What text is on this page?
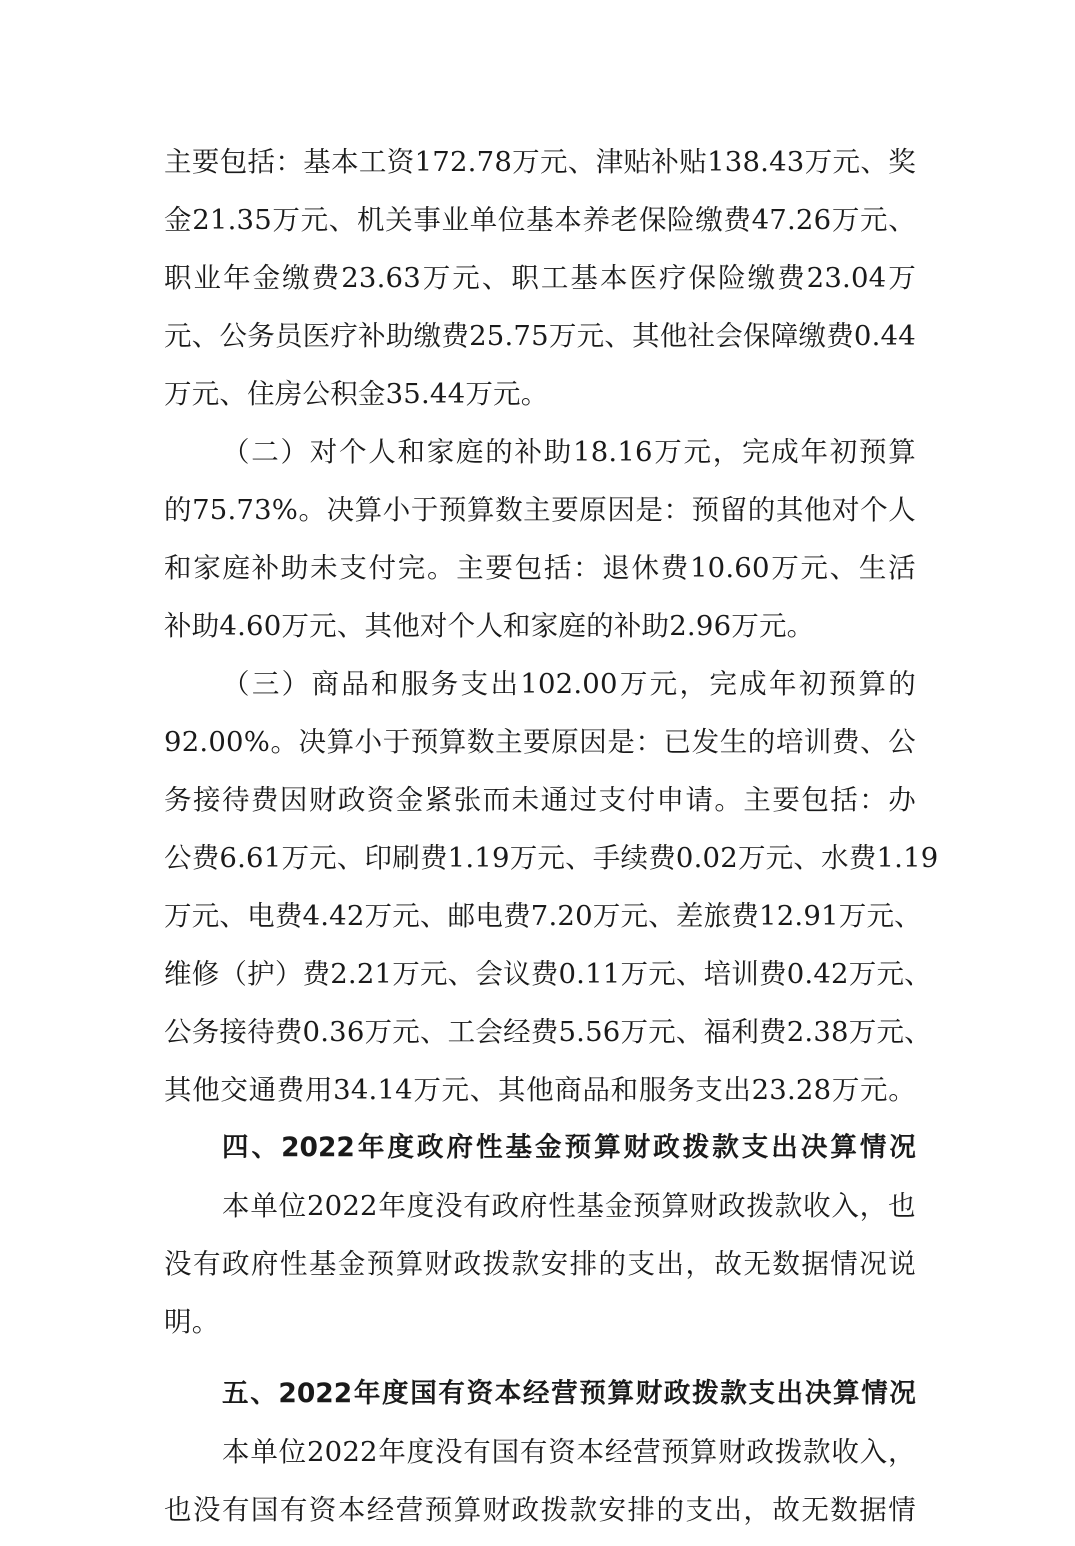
主 要 包 括 ： 基 本 工 资 172.78 万 元 、 津 贴 补 贴 138.43 万 元 、 奖
金 21.35 万 元 、 机 关 事 业 单 位 基 本 养 老 保 险 缴 费 47.26 万 元 、
职 业 年 金 缴 费 23.63 万 元 、 职 工 基 本 医 疗 保 险 缴 费 23.04 万
元 、 公 务 员 医 疗 补 助 缴 费 25.75 万 元 、 其 他 社 会 保 障 缴 费 0.44
万元、住房公积金35.44万元。
（ 二 ） 对 个 人 和 家 庭 的 补 助 18.16 万 元 ， 完 成 年 初 预 算
的 75.73% 。 决 算 小 于 预 算 数 主 要 原 因 是 ： 预 留 的 其 他 对 个 人
和 家 庭 补 助 未 支 付 完 。 主 要 包 括 ： 退 休 费 10.60 万 元 、 生 活
补助4.60万元、其他对个人和家庭的补助2.96万元。
（ 三 ） 商 品 和 服 务 支 出 102.00 万 元 ， 完 成 年 初 预 算 的
92.00% 。 决 算 小 于 预 算 数 主 要 原 因 是 ： 已 发 生 的 培 训 费 、 公
务 接 待 费 因 财 政 资 金 紧 张 而 未 通 过 支 付 申 请 。 主 要 包 括 ： 办
公 费 6.61 万 元 、 印 刷 费 1.19 万 元 、 手 续 费 0.02 万 元 、 水 费 1.19
万 元 、 电 费 4.42 万 元 、 邮 电 费 7.20 万 元 、 差 旅 费 12.91 万 元 、
维 修 （ 护 ） 费 2.21 万 元 、 会 议 费 0.11 万 元 、 培 训 费 0.42 万 元 、
公 务 接 待 费 0.36 万 元 、 工 会 经 费 5.56 万 元 、 福 利 费 2.38 万 元 、
其 他 交 通 费 用 34.14 万 元 、 其 他 商 品 和 服 务 支 出 23.28 万 元 。
四 、 2022 年 度 政 府 性 基 金 预 算 财 政 拨 款 支 出 决 算 情 况
本 单 位 2022 年 度 没 有 政 府 性 基 金 预 算 财 政 拨 款 收 入 ， 也
没 有 政 府 性 基 金 预 算 财 政 拨 款 安 排 的 支 出 ， 故 无 数 据 情 况 说
明。
五 、 2022 年 度 国 有 资 本 经 营 预 算 财 政 拨 款 支 出 决 算 情 况
本 单 位 2022 年 度 没 有 国 有 资 本 经 营 预 算 财 政 拨 款 收 入 ，
也 没 有 国 有 资 本 经 营 预 算 财 政 拨 款 安 排 的 支 出 ， 故 无 数 据 情
